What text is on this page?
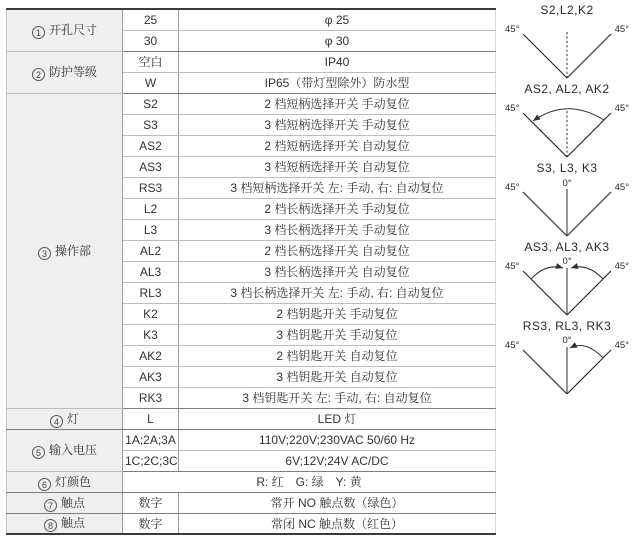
1 开孔尺寸	25	φ 25
	30	φ 30
2 防护等级	空白	IP40
	W	IP65（带灯型除外）防水型
3 操作部	S2	2 档短柄选择开关 手动复位
	S3	3 档短柄选择开关 手动复位
	AS2	2 档短柄选择开关 自动复位
	AS3	3 档短柄选择开关 自动复位
	RS3	3 档短柄选择开关 左: 手动, 右: 自动复位
	L2	2 档长柄选择开关 手动复位
	L3	3 档长柄选择开关 手动复位
	AL2	2 档长柄选择开关 自动复位
	AL3	3 档长柄选择开关 自动复位
	RL3	3 档长柄选择开关 左: 手动, 右: 自动复位
	K2	2 档钥匙开关 手动复位
	K3	3 档钥匙开关 手动复位
	AK2	2 档钥匙开关 自动复位
	AK3	3 档钥匙开关 自动复位
	RK3	3 档钥匙开关 左: 手动, 右: 自动复位
4 灯	L	LED 灯
5 输入电压	1A;2A;3A	110V;220V;230VAC 50/60 Hz
	1C;2C;3C	6V;12V;24V AC/DC
6 灯颜色	R: 红　G: 绿　Y: 黄	
7 触点	数字	常开 NO 触点数（绿色）
8 触点	数字	常闭 NC 触点数（红色）
S2,L2,K2
45°	45°
AS2, AL2, AK2
45°	45°
S3, L3, K3
0°
45°	45°
AS3, AL3, AK3
0°
45°	45°
RS3, RL3, RK3
0°
45°	45°
